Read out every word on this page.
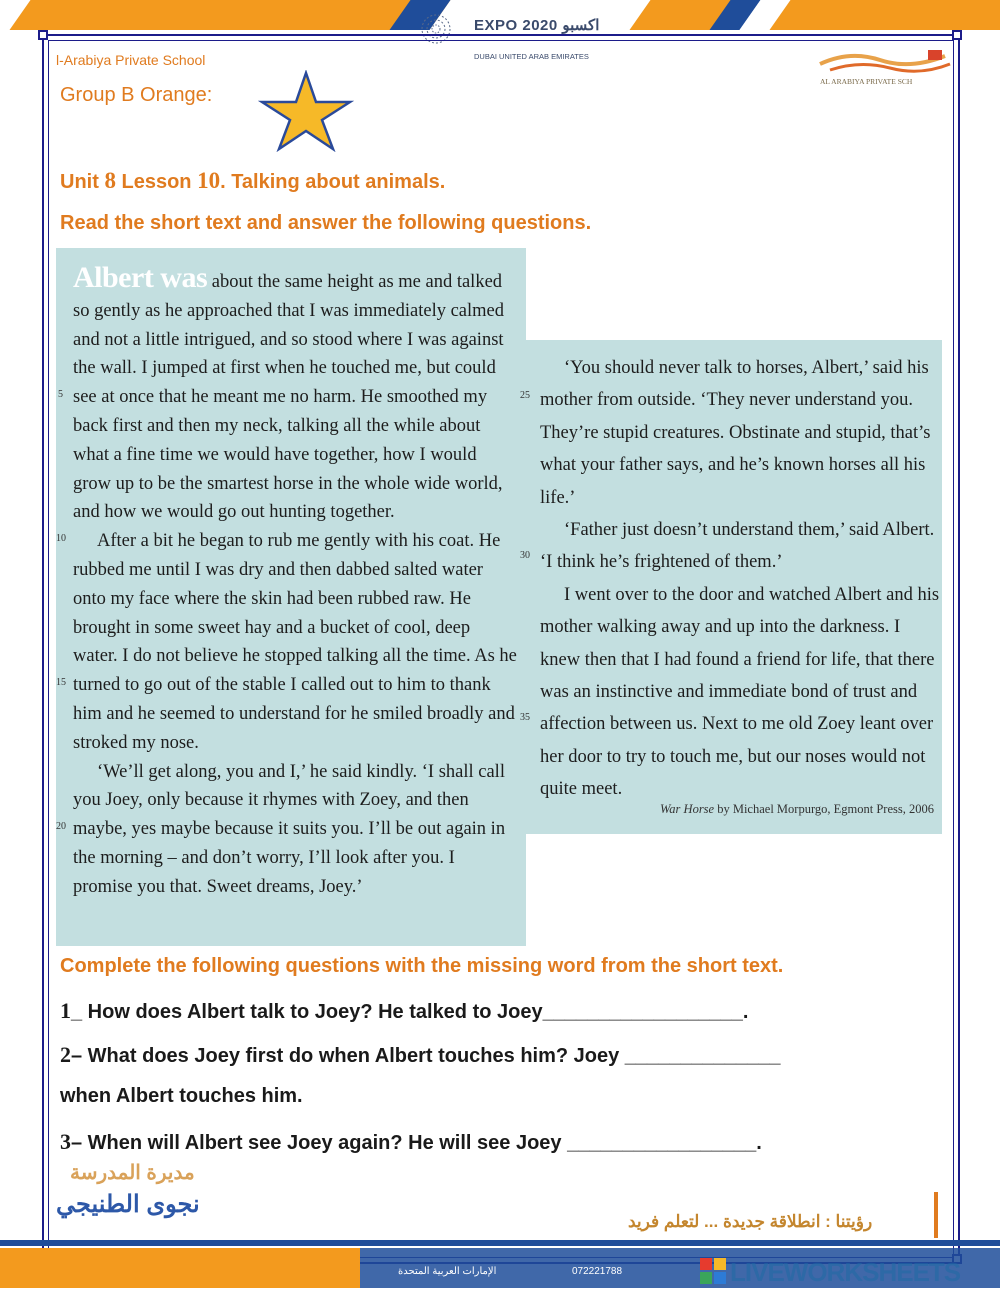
EXPO 2020 اكسبو
DUBAI UNITED ARAB EMIRATES
l-Arabiya Private School
AL ARABIYA PRIVATE SCH
Group B Orange:
Unit 8 Lesson 10. Talking about animals.
Read the short text and answer the following questions.
War Horse by Michael Morpurgo, Egmont Press, 2006

Albert was about the same height as me and talked so gently as he approached that I was immediately calmed and not a little intrigued, and so stood where I was against the wall. I jumped at first when he touched me, but could see at once that he meant me no harm. He smoothed my back first and then my neck, talking all the while about what a fine time we would have together, how I would grow up to be the smartest horse in the whole wide world, and how we would go out hunting together.

After a bit he began to rub me gently with his coat. He rubbed me until I was dry and then dabbed salted water onto my face where the skin had been rubbed raw. He brought in some sweet hay and a bucket of cool, deep water. I do not believe he stopped talking all the time. As he turned to go out of the stable I called out to him to thank him and he seemed to understand for he smiled broadly and stroked my nose.

‘We’ll get along, you and I,’ he said kindly. ‘I shall call you Joey, only because it rhymes with Zoey, and then maybe, yes maybe because it suits you. I’ll be out again in the morning – and don’t worry, I’ll look after you. I promise you that. Sweet dreams, Joey.’

‘You should never talk to horses, Albert,’ said his mother from outside. ‘They never understand you. They’re stupid creatures. Obstinate and stupid, that’s what your father says, and he’s known horses all his life.’

‘Father just doesn’t understand them,’ said Albert. ‘I think he’s frightened of them.’

I went over to the door and watched Albert and his mother walking away and up into the darkness. I knew then that I had found a friend for life, that there was an instinctive and immediate bond of trust and affection between us. Next to me old Zoey leant over her door to try to touch me, but our noses would not quite meet.

5
10
15
20
25
30
35
Complete the following questions with the missing word from the short text.
1_ How does Albert talk to Joey? He talked to Joey__________________.
2– What does Joey first do when Albert touches him? Joey ______________
when Albert touches him.
3– When will Albert see Joey again? He will see Joey _________________.
مديرة المدرسة
نجوى الطنيجي
رؤيتنا : انطلاقة جديدة ... لتعلم فريد
072221788
الإمارات العربية المتحدة	LIVEWORKSHEETS
